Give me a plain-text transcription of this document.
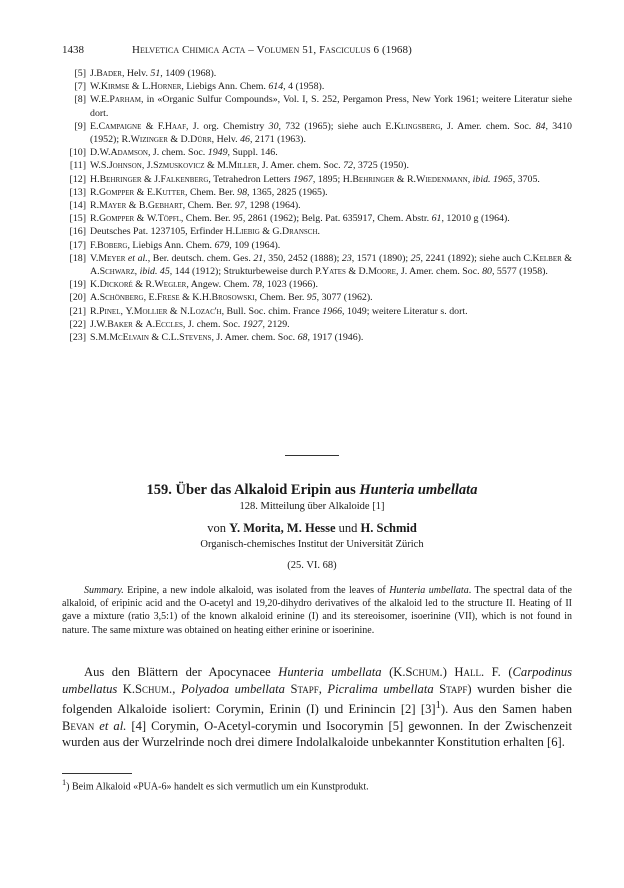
1438	Helvetica Chimica Acta – Volumen 51, Fasciculus 6 (1968)
[5] J.Bader, Helv. 51, 1409 (1968).
[7] W.Kirmse & L.Horner, Liebigs Ann. Chem. 614, 4 (1958).
[8] W.E.Parham, in «Organic Sulfur Compounds», Vol. I, S. 252, Pergamon Press, New York 1961; weitere Literatur siehe dort.
[9] E.Campaigne & F.Haaf, J. org. Chemistry 30, 732 (1965); siehe auch E.Klingsberg, J. Amer. chem. Soc. 84, 3410 (1952); R.Wizinger & D.Dürr, Helv. 46, 2171 (1963).
[10] D.W.Adamson, J. chem. Soc. 1949, Suppl. 146.
[11] W.S.Johnson, J.Szmuskovicz & M.Miller, J. Amer. chem. Soc. 72, 3725 (1950).
[12] H.Behringer & J.Falkenberg, Tetrahedron Letters 1967, 1895; H.Behringer & R.Wiedenmann, ibid. 1965, 3705.
[13] R.Gompper & E.Kutter, Chem. Ber. 98, 1365, 2825 (1965).
[14] R.Mayer & B.Gebhart, Chem. Ber. 97, 1298 (1964).
[15] R.Gompper & W.Töpfl, Chem. Ber. 95, 2861 (1962); Belg. Pat. 635917, Chem. Abstr. 61, 12010 g (1964).
[16] Deutsches Pat. 1237105, Erfinder H.Liebig & G.Dransch.
[17] F.Boberg, Liebigs Ann. Chem. 679, 109 (1964).
[18] V.Meyer et al., Ber. deutsch. chem. Ges. 21, 350, 2452 (1888); 23, 1571 (1890); 25, 2241 (1892); siehe auch C.Kelber & A.Schwarz, ibid. 45, 144 (1912); Strukturbeweise durch P.Yates & D.Moore, J. Amer. chem. Soc. 80, 5577 (1958).
[19] K.Dickoré & R.Wegler, Angew. Chem. 78, 1023 (1966).
[20] A.Schönberg, E.Frese & K.H.Brosowski, Chem. Ber. 95, 3077 (1962).
[21] R.Pinel, Y.Mollier & N.Lozac'h, Bull. Soc. chim. France 1966, 1049; weitere Literatur s. dort.
[22] J.W.Baker & A.Eccles, J. chem. Soc. 1927, 2129.
[23] S.M.McElvain & C.L.Stevens, J. Amer. chem. Soc. 68, 1917 (1946).
159. Über das Alkaloid Eripin aus Hunteria umbellata
128. Mitteilung über Alkaloide [1]
von Y. Morita, M. Hesse und H. Schmid
Organisch-chemisches Institut der Universität Zürich
(25. VI. 68)
Summary. Eripine, a new indole alkaloid, was isolated from the leaves of Hunteria umbellata. The spectral data of the alkaloid, of eripinic acid and the O-acetyl and 19,20-dihydro derivatives of the alkaloid led to the structure II. Heating of II gave a mixture (ratio 3,5:1) of the known alkaloid erinine (I) and its stereoisomer, isoerinine (VII), which is not found in nature. The same mixture was obtained on heating either erinine or isoerinine.
Aus den Blättern der Apocynacee Hunteria umbellata (K.Schum.) Hall. F. (Carpodinus umbellatus K.Schum., Polyadoa umbellata Stapf, Picralima umbellata Stapf) wurden bisher die folgenden Alkaloide isoliert: Corymin, Erinin (I) und Erinincin [2] $[3]^1$). Aus den Samen haben Bevan et al. [4] Corymin, O-Acetyl-corymin und Isocorymin [5] gewonnen. In der Zwischenzeit wurden aus der Wurzelrinde noch drei dimere Indolalkaloide unbekannter Konstitution erhalten [6].
$^1$) Beim Alkaloid «PUA-6» handelt es sich vermutlich um ein Kunstprodukt.
